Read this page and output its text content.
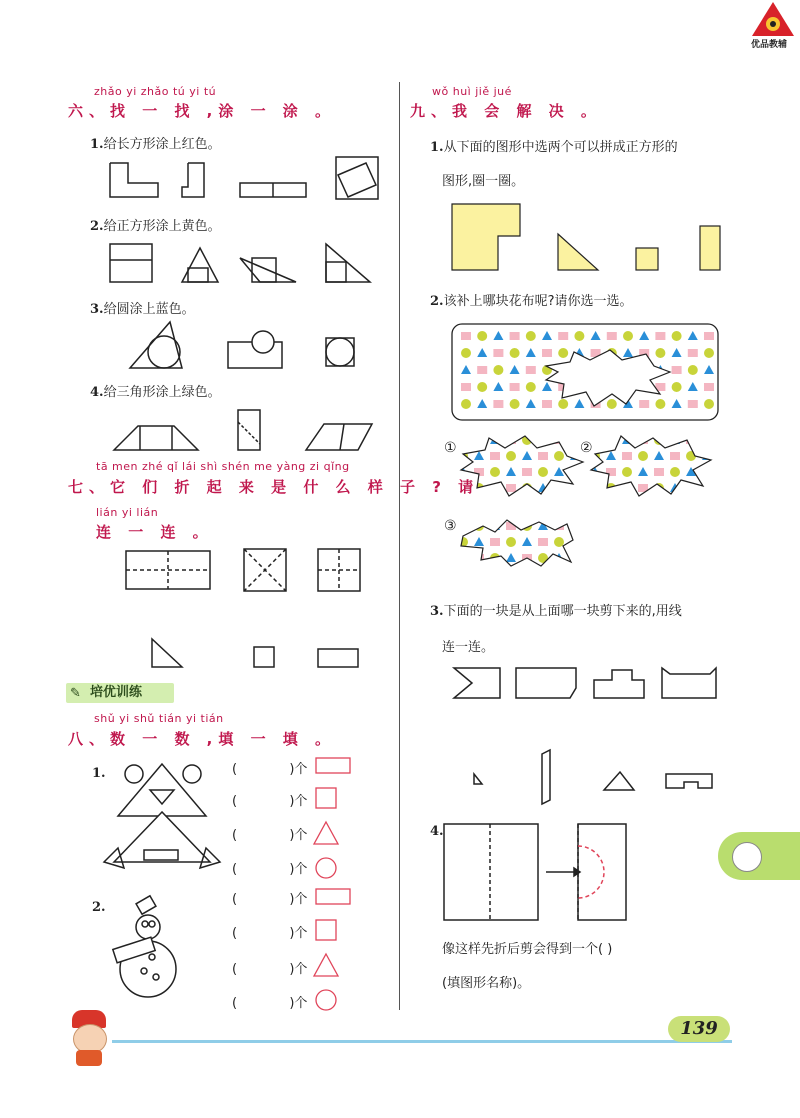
优品教辅
zhǎo yi zhǎo tú yi tú
六、找 一 找 ,涂 一 涂 。
1.给长方形涂上红色。
2.给正方形涂上黄色。
3.给圆涂上蓝色。
4.给三角形涂上绿色。
tā men zhé qǐ lái shì shén me yàng zi qǐng
七、它 们 折 起 来 是 什 么 样 子 ? 请
lián yi lián
连 一 连 。
✎ 培优训练
shǔ yi shǔ tián yi tián
八、数 一 数 ,填 一 填 。
1.
2.
(	)个
(	)个
(	)个
(	)个
(	)个
(	)个
(	)个
(	)个
wǒ huì jiě jué
九、我 会 解 决 。
1.从下面的图形中选两个可以拼成正方形的
图形,圈一圈。
2.该补上哪块花布呢?请你选一选。
①	②
③
3.下面的一块是从上面哪一块剪下来的,用线
连一连。
4.
像这样先折后剪会得到一个( )
(填图形名称)。
139
